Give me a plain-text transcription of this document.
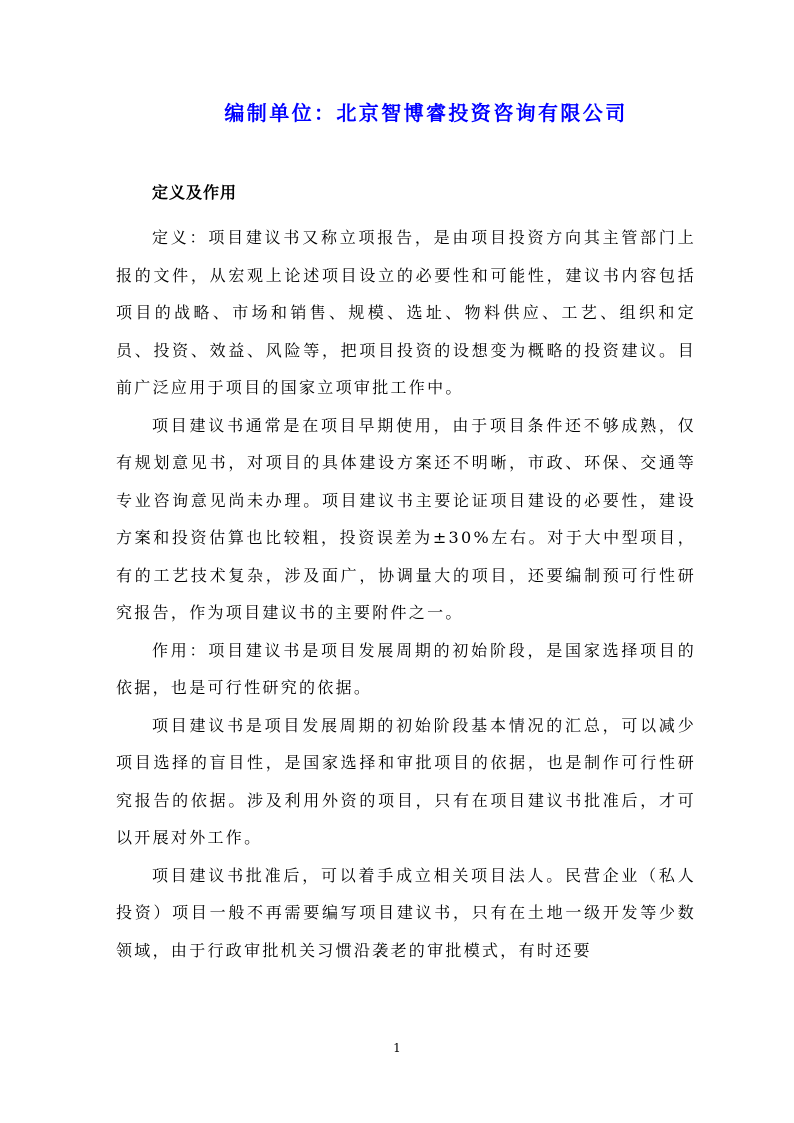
编制单位：北京智博睿投资咨询有限公司
定义及作用

定义：项目建议书又称立项报告，是由项目投资方向其主管部门上报的文件，从宏观上论述项目设立的必要性和可能性，建议书内容包括项目的战略、市场和销售、规模、选址、物料供应、工艺、组织和定员、投资、效益、风险等，把项目投资的设想变为概略的投资建议。目前广泛应用于项目的国家立项审批工作中。

项目建议书通常是在项目早期使用，由于项目条件还不够成熟，仅有规划意见书，对项目的具体建设方案还不明晰，市政、环保、交通等专业咨询意见尚未办理。项目建议书主要论证项目建设的必要性，建设方案和投资估算也比较粗，投资误差为±30%左右。对于大中型项目，有的工艺技术复杂，涉及面广，协调量大的项目，还要编制预可行性研究报告，作为项目建议书的主要附件之一。

作用：项目建议书是项目发展周期的初始阶段，是国家选择项目的依据，也是可行性研究的依据。

项目建议书是项目发展周期的初始阶段基本情况的汇总，可以减少项目选择的盲目性，是国家选择和审批项目的依据，也是制作可行性研究报告的依据。涉及利用外资的项目，只有在项目建议书批准后，才可以开展对外工作。

项目建议书批准后，可以着手成立相关项目法人。民营企业（私人投资）项目一般不再需要编写项目建议书，只有在土地一级开发等少数领域，由于行政审批机关习惯沿袭老的审批模式，有时还要

1
